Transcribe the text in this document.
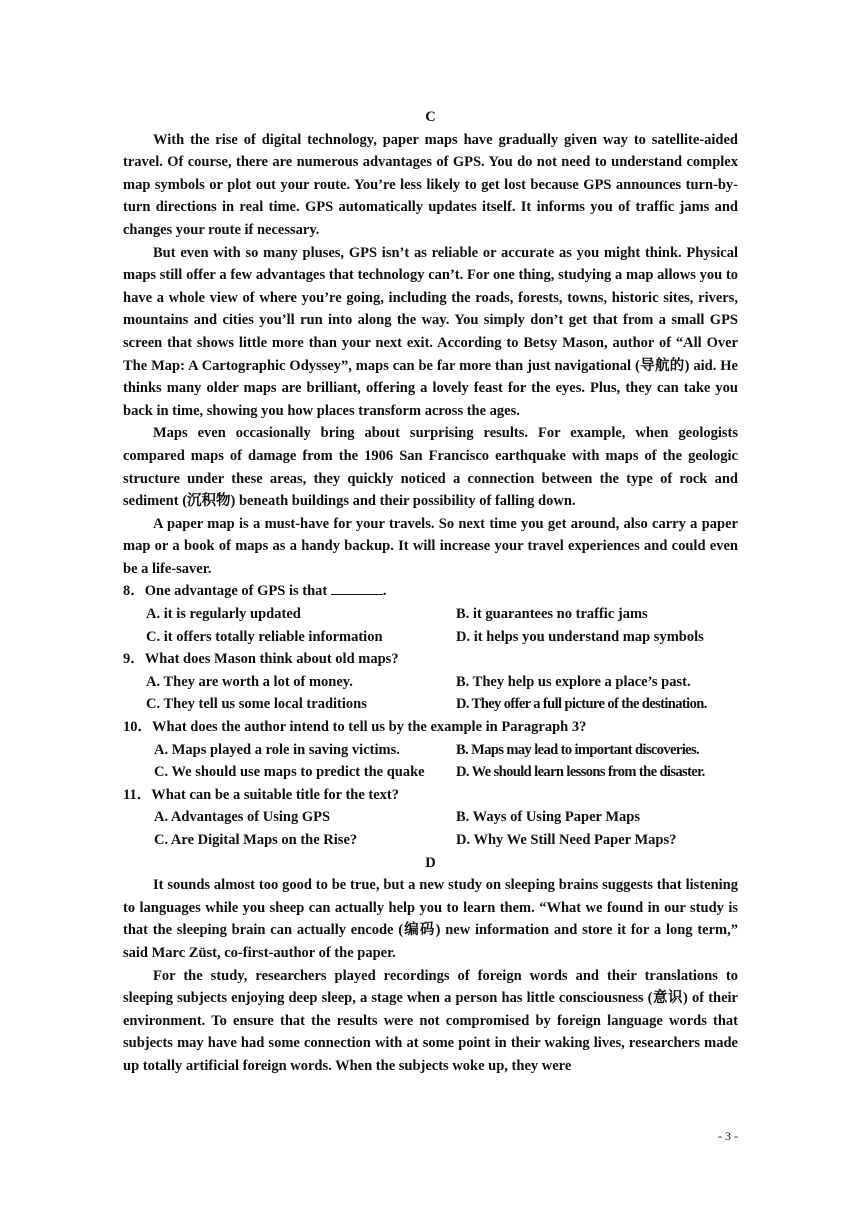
C

With the rise of digital technology, paper maps have gradually given way to satellite-aided travel. Of course, there are numerous advantages of GPS. You do not need to understand complex map symbols or plot out your route. You’re less likely to get lost because GPS announces turn-by-turn directions in real time. GPS automatically updates itself. It informs you of traffic jams and changes your route if necessary.

But even with so many pluses, GPS isn’t as reliable or accurate as you might think. Physical maps still offer a few advantages that technology can’t. For one thing, studying a map allows you to have a whole view of where you’re going, including the roads, forests, towns, historic sites, rivers, mountains and cities you’ll run into along the way. You simply don’t get that from a small GPS screen that shows little more than your next exit. According to Betsy Mason, author of “All Over The Map: A Cartographic Odyssey”, maps can be far more than just navigational (导航的) aid. He thinks many older maps are brilliant, offering a lovely feast for the eyes. Plus, they can take you back in time, showing you how places transform across the ages.

Maps even occasionally bring about surprising results. For example, when geologists compared maps of damage from the 1906 San Francisco earthquake with maps of the geologic structure under these areas, they quickly noticed a connection between the type of rock and sediment (沉积物) beneath buildings and their possibility of falling down.

A paper map is a must-have for your travels. So next time you get around, also carry a paper map or a book of maps as a handy backup. It will increase your travel experiences and could even be a life-saver.

8．One advantage of GPS is that	.
A. it is regularly updated	B. it guarantees no traffic jams
C. it offers totally reliable information	D. it helps you understand map symbols
9．What does Mason think about old maps?
A. They are worth a lot of money.	B. They help us explore a place’s past.
C. They tell us some local traditions	D. They offer a full picture of the destination.
10．What does the author intend to tell us by the example in Paragraph 3?
A. Maps played a role in saving victims.	B. Maps may lead to important discoveries.
C. We should use maps to predict the quake	D. We should learn lessons from the disaster.
11．What can be a suitable title for the text?
A. Advantages of Using GPS	B. Ways of Using Paper Maps
C. Are Digital Maps on the Rise?	D. Why We Still Need Paper Maps?
D

It sounds almost too good to be true, but a new study on sleeping brains suggests that listening to languages while you sheep can actually help you to learn them. “What we found in our study is that the sleeping brain can actually encode (编码) new information and store it for a long term,” said Marc Züst, co-first-author of the paper.

For the study, researchers played recordings of foreign words and their translations to sleeping subjects enjoying deep sleep, a stage when a person has little consciousness (意识) of their environment. To ensure that the results were not compromised by foreign language words that subjects may have had some connection with at some point in their waking lives, researchers made up totally artificial foreign words. When the subjects woke up, they were

- 3 -
